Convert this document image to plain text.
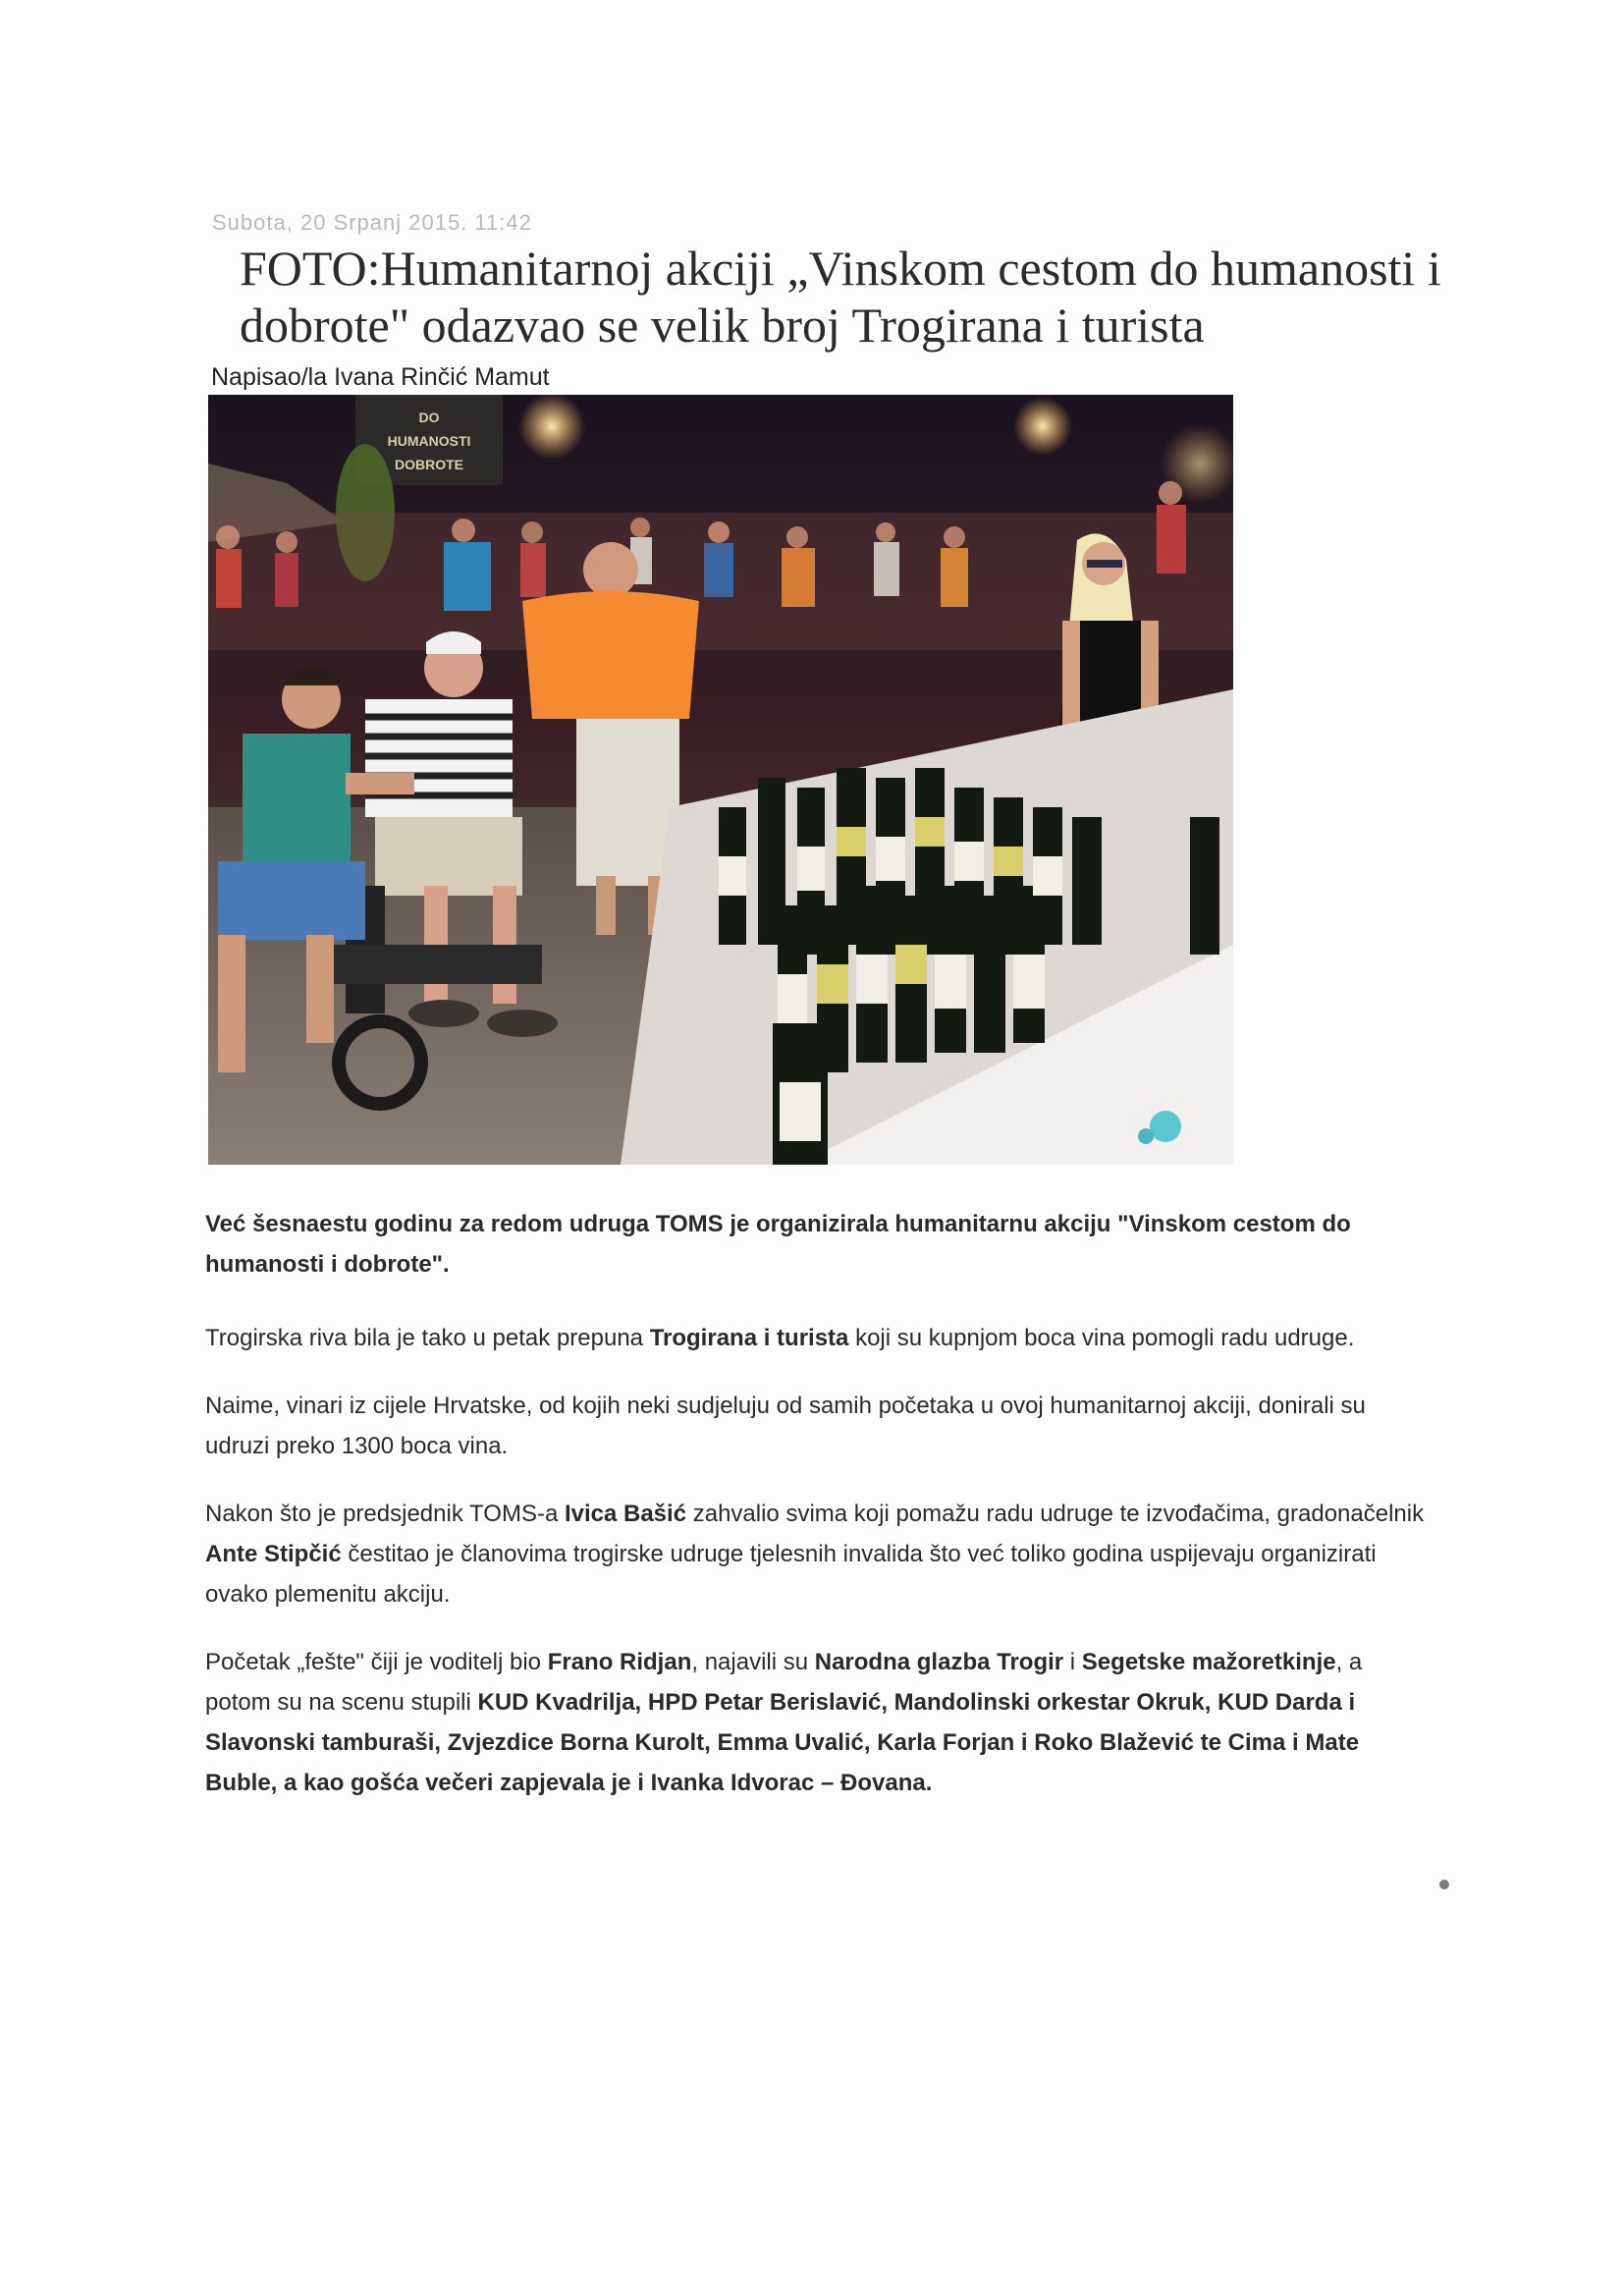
Subota, 20 Srpanj 2015. 11:42
FOTO:Humanitarnoj akciji „Vinskom cestom do humanosti i dobrote" odazvao se velik broj Trogirana i turista
Napisao/la Ivana Rinčić Mamut
DO
HUMANOSTI
DOBROTE

Već šesnaestu godinu za redom udruga TOMS je organizirala humanitarnu akciju "Vinskom cestom do humanosti i dobrote".

Trogirska riva bila je tako u petak prepuna Trogirana i turista koji su kupnjom boca vina pomogli radu udruge.

Naime, vinari iz cijele Hrvatske, od kojih neki sudjeluju od samih početaka u ovoj humanitarnoj akciji, donirali su udruzi preko 1300 boca vina.

Nakon što je predsjednik TOMS-a Ivica Bašić zahvalio svima koji pomažu radu udruge te izvođačima, gradonačelnik Ante Stipčić čestitao je članovima trogirske udruge tjelesnih invalida što već toliko godina uspijevaju organizirati ovako plemenitu akciju.

Početak „fešte" čiji je voditelj bio Frano Ridjan, najavili su Narodna glazba Trogir i Segetske mažoretkinje, a potom su na scenu stupili KUD Kvadrilja, HPD Petar Berislavić, Mandolinski orkestar Okruk, KUD Darda i Slavonski tamburaši, Zvjezdice Borna Kurolt, Emma Uvalić, Karla Forjan i Roko Blažević te Cima i Mate Buble, a kao gošća večeri zapjevala je i Ivanka Idvorac – Đovana.
